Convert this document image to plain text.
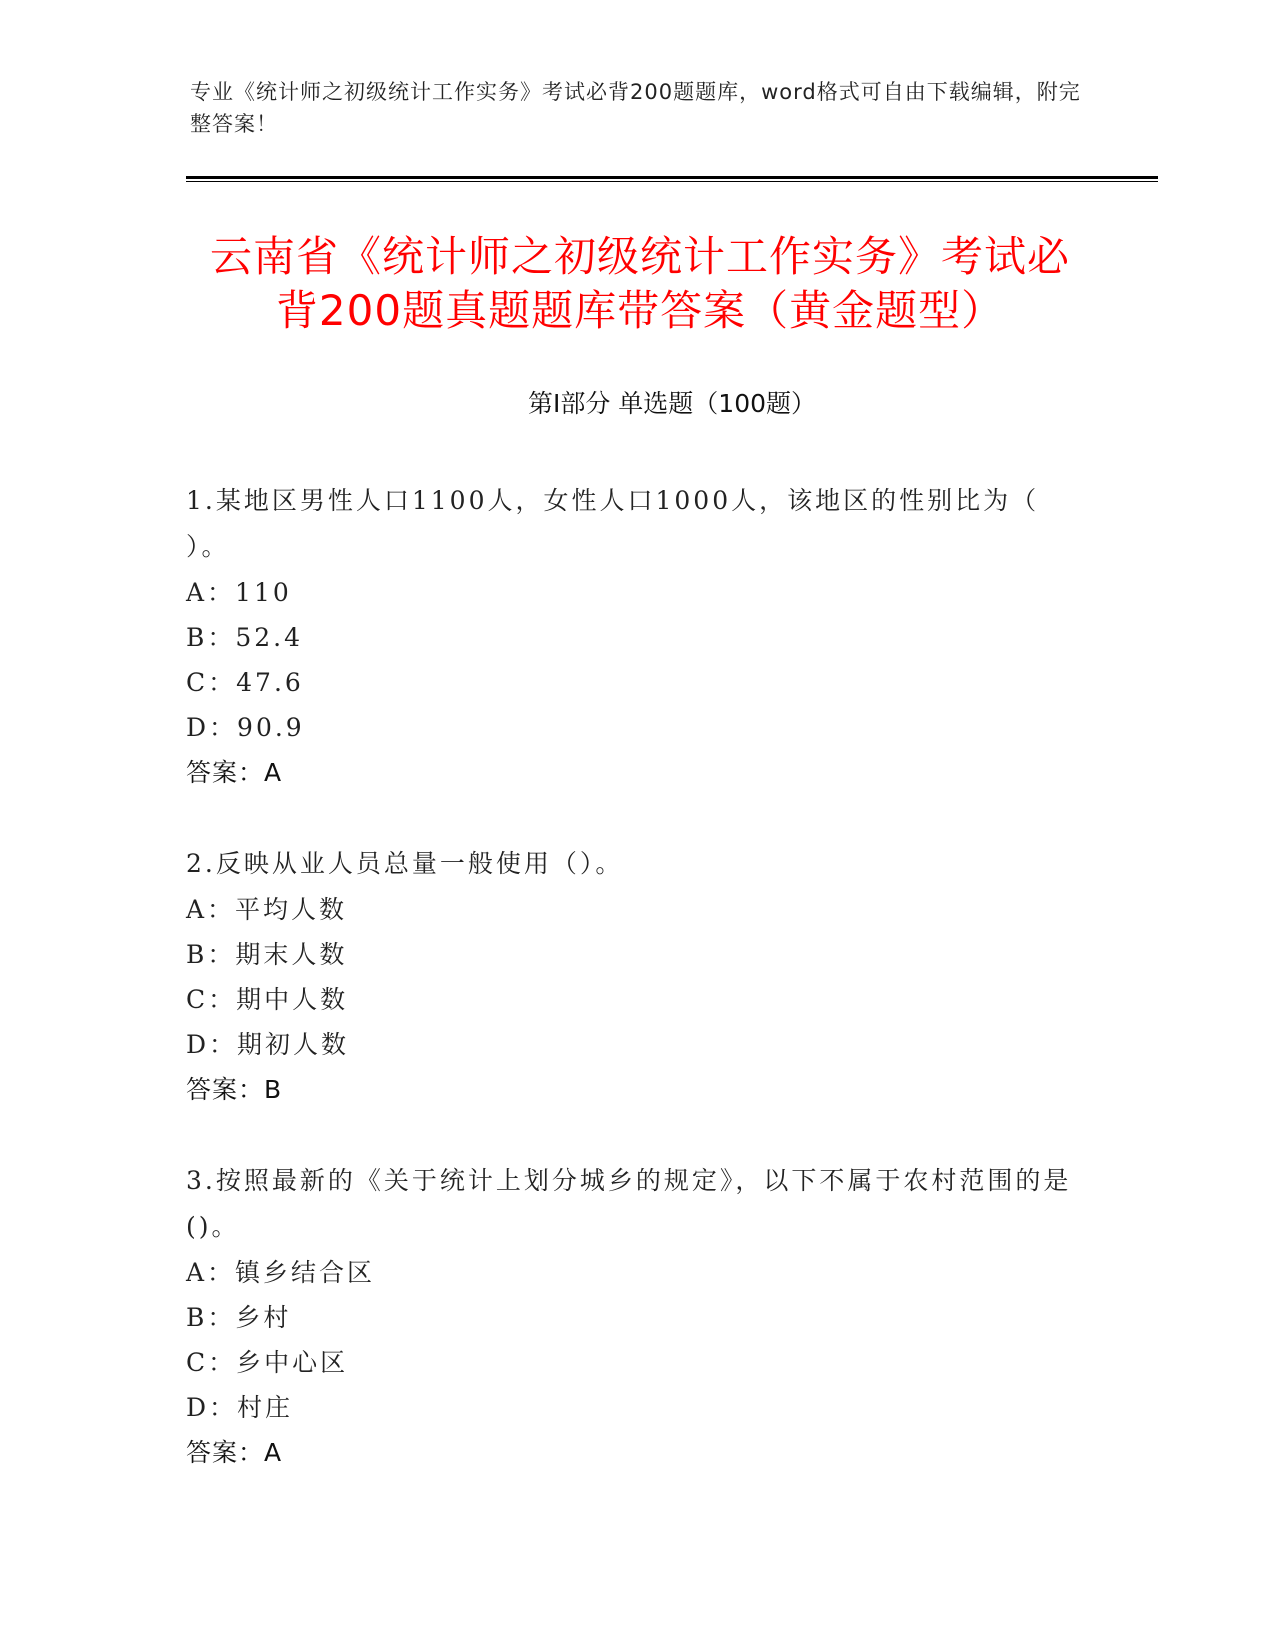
专业《统计师之初级统计工作实务》考试必背200题题库，word格式可自由下载编辑，附完整答案！
云南省《统计师之初级统计工作实务》考试必背200题真题题库带答案（黄金题型）
第Ⅰ部分 单选题（100题）
1.某地区男性人口1100人，女性人口1000人，该地区的性别比为（ ）。
A：110
B：52.4
C：47.6
D：90.9
答案：A
2.反映从业人员总量一般使用（）。
A：平均人数
B：期末人数
C：期中人数
D：期初人数
答案：B
3.按照最新的《关于统计上划分城乡的规定》，以下不属于农村范围的是()。
A：镇乡结合区
B：乡村
C：乡中心区
D：村庄
答案：A
